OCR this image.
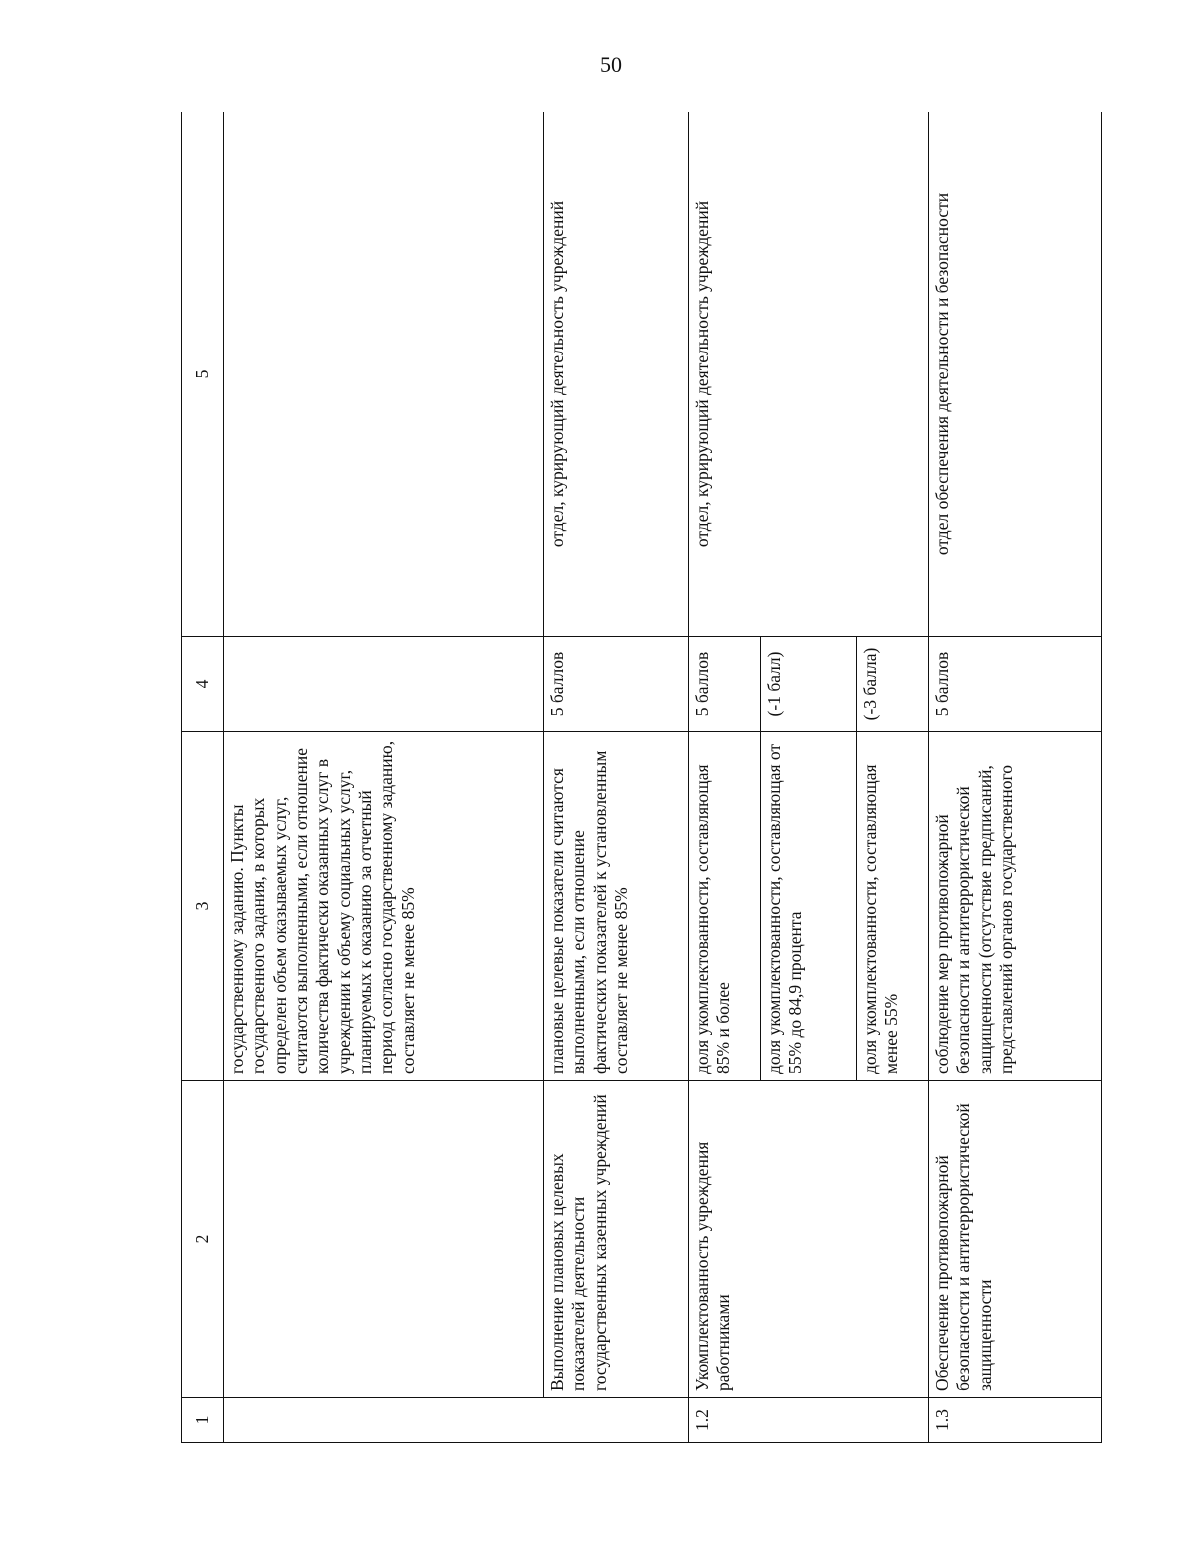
50
1	2	3	4	5
		государственному заданию. Пункты государственного задания, в которых определен объем оказываемых услуг, считаются выполненными, если отношение количества фактически оказанных услуг в учреждении к объему социальных услуг, планируемых к оказанию за отчетный период согласно государственному заданию, составляет не менее 85%		
	Выполнение плановых целевых показателей деятельности государственных казенных учреждений	плановые целевые показатели считаются выполненными, если отношение фактических показателей к установленным составляет не менее 85%	5 баллов	отдел, курирующий деятельность учреждений
1.2	Укомплектованность учреждения работниками	доля укомплектованности, составляющая 85% и более	5 баллов	отдел, курирующий деятельность учреждений
		доля укомплектованности, составляющая от 55% до 84,9 процента	(-1 балл)	
		доля укомплектованности, составляющая менее 55%	(-3 балла)	
1.3	Обеспечение противопожарной безопасности и антитеррористической защищенности	соблюдение мер противопожарной безопасности и антитеррористической защищенности (отсутствие предписаний, представлений органов государственного	5 баллов	отдел обеспечения деятельности и безопасности
